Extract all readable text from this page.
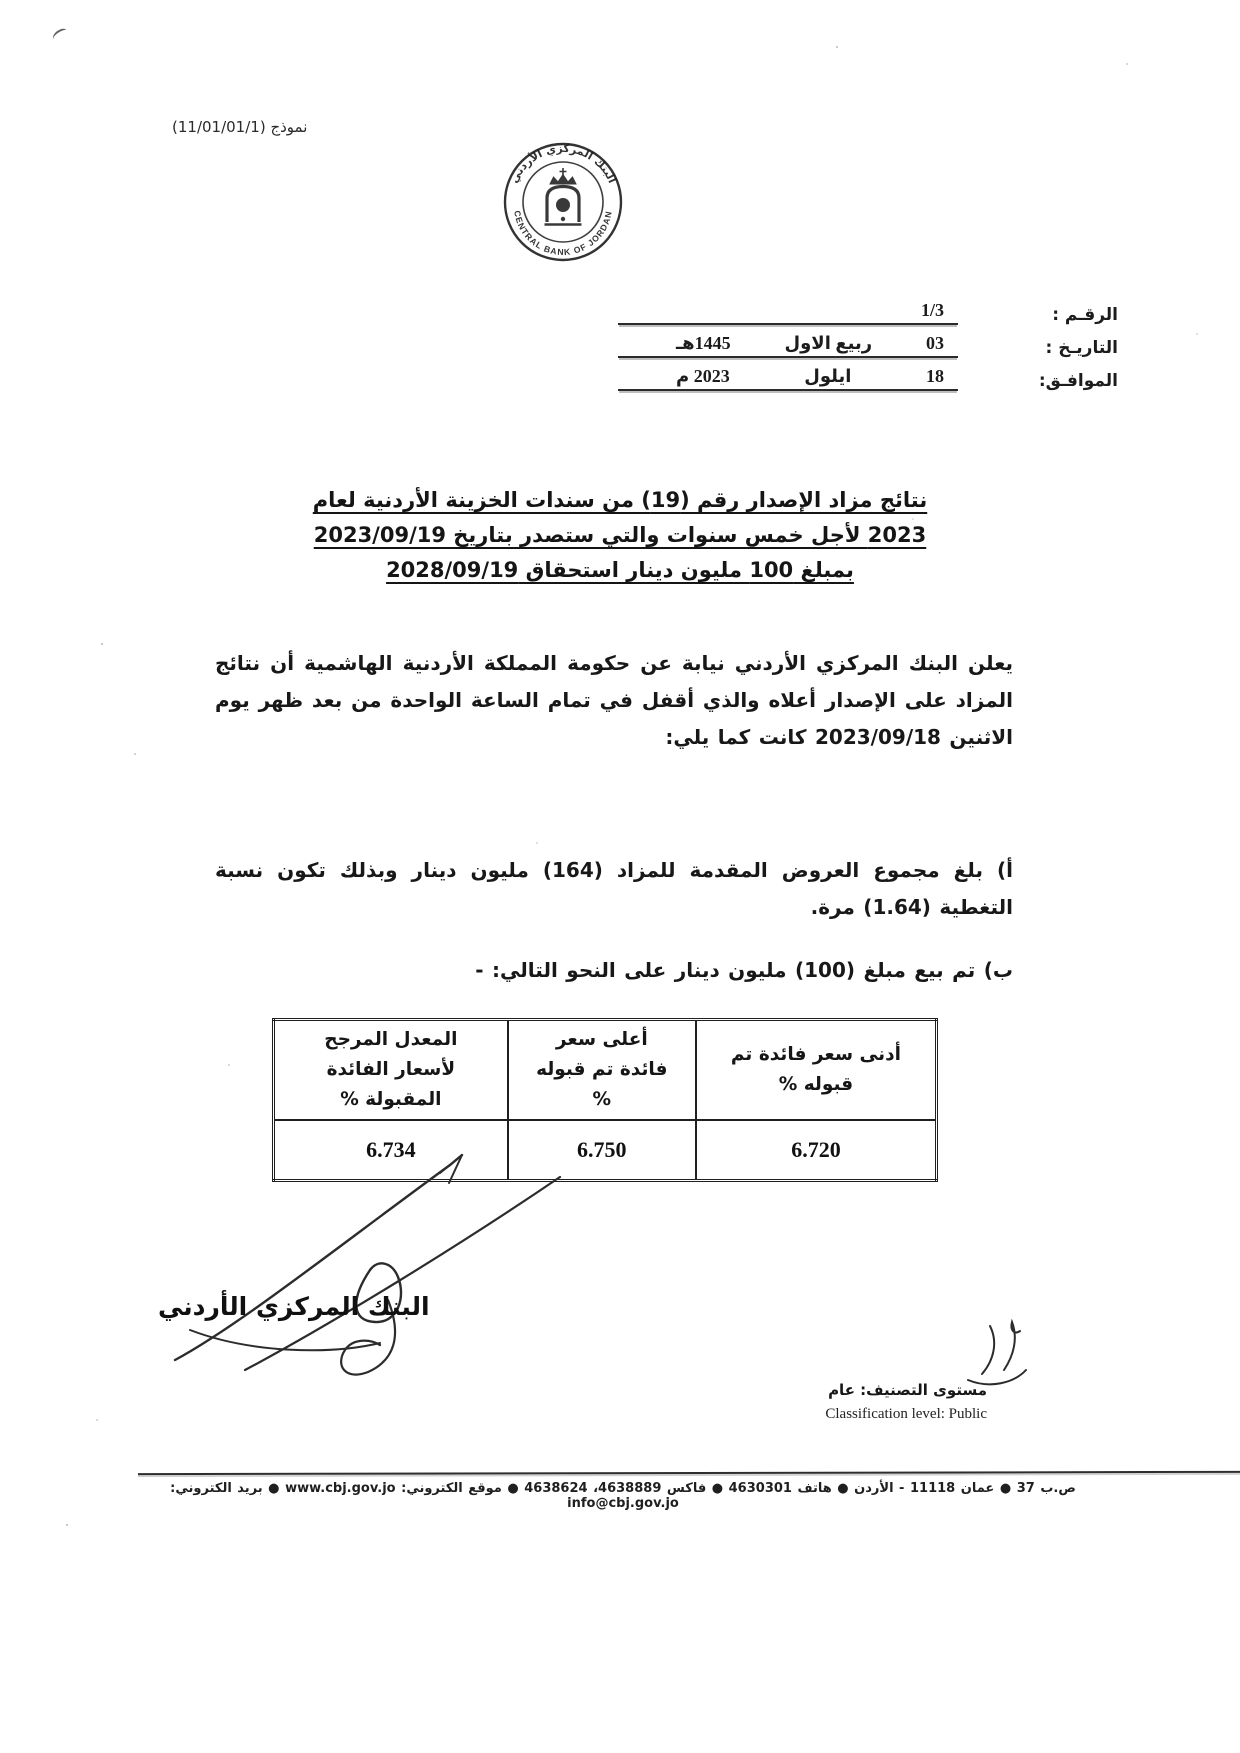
نموذج (11/01/01/1)
البنك المركزي الأردني
CENTRAL BANK OF JORDAN
الرقـم :
1/3
التاريـخ :
03
ربيع الاول
1445هـ
الموافـق:
18
ايلول
2023 م
نتائج مزاد الإصدار رقم (19) من سندات الخزينة الأردنية لعام
2023 لأجل خمس سنوات والتي ستصدر بتاريخ 2023/09/19
بمبلغ 100 مليون دينار استحقاق 2028/09/19
يعلن البنك المركزي الأردني نيابة عن حكومة المملكة الأردنية الهاشمية أن نتائج المزاد على الإصدار أعلاه والذي أقفل في تمام الساعة الواحدة من بعد ظهر يوم الاثنين 2023/09/18 كانت كما يلي:
أ) بلغ مجموع العروض المقدمة للمزاد (164) مليون دينار وبذلك تكون نسبة التغطية (1.64) مرة.
ب) تم بيع مبلغ (100) مليون دينار على النحو التالي: -
أدنى سعر فائدة تم قبوله %	أعلى سعر فائدة تم قبوله %	المعدل المرجح لأسعار الفائدة المقبولة %
6.720	6.750	6.734
البنك المركزي الأردني
مستوى التصنيف: عام
Classification level: Public
ص.ب 37 ● عمان 11118 - الأردن ● هاتف 4630301 ● فاكس 4638889، 4638624 ● موقع الكتروني: www.cbj.gov.jo ● بريد الكتروني: info@cbj.gov.jo
